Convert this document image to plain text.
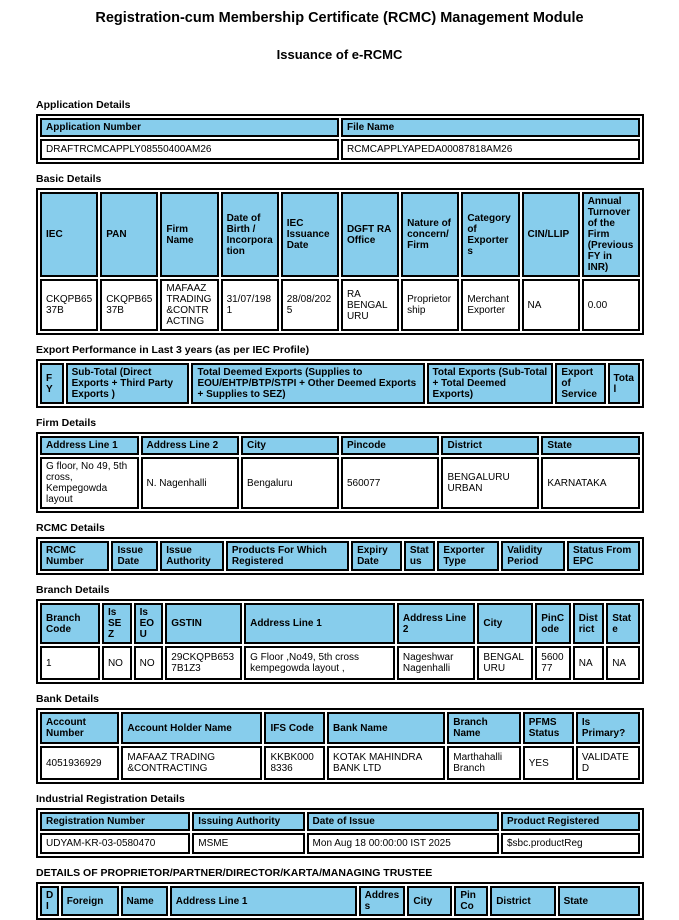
Registration-cum Membership Certificate (RCMC) Management Module
Issuance of e-RCMC
Application Details
Application Number	File Name
DRAFTRCMCAPPLY08550400AM26	RCMCAPPLYAPEDA00087818AM26
Basic Details
IEC	PAN	Firm Name	Date of Birth / Incorporation	IEC Issuance Date	DGFT RA Office	Nature of concern/Firm	Category of Exporters	CIN/LLIP	Annual Turnover of the Firm (Previous FY in INR)
CKQPB6537B	CKQPB6537B	MAFAAZ TRADING &CONTRACTING	31/07/1981	28/08/2025	RA BENGALURU	Proprietorship	Merchant Exporter	NA	0.00
Export Performance in Last 3 years (as per IEC Profile)
FY	Sub-Total (Direct Exports + Third Party Exports )	Total Deemed Exports (Supplies to EOU/EHTP/BTP/STPI + Other Deemed Exports + Supplies to SEZ)	Total Exports (Sub-Total + Total Deemed Exports)	Export of Service	Total
Firm Details
Address Line 1	Address Line 2	City	Pincode	District	State
G floor, No 49, 5th cross, Kempegowda layout	N. Nagenhalli	Bengaluru	560077	BENGALURU URBAN	KARNATAKA
RCMC Details
RCMC Number	Issue Date	Issue Authority	Products For Which Registered	Expiry Date	Status	Exporter Type	Validity Period	Status From EPC
Branch Details
Branch Code	Is SEZ	Is EOU	GSTIN	Address Line 1	Address Line 2	City	PinCode	District	State
1	NO	NO	29CKQPB6537B1Z3	G Floor ,No49, 5th cross kempegowda layout ,	Nageshwar Nagenhalli	BENGALURU	560077	NA	NA
Bank Details
Account Number	Account Holder Name	IFS Code	Bank Name	Branch Name	PFMS Status	Is Primary?
4051936929	MAFAAZ TRADING &CONTRACTING	KKBK0008336	KOTAK MAHINDRA BANK LTD	Marthahalli Branch	YES	VALIDATED
Industrial Registration Details
Registration Number	Issuing Authority	Date of Issue	Product Registered
UDYAM-KR-03-0580470	MSME	Mon Aug 18 00:00:00 IST 2025	$sbc.productReg
DETAILS OF PROPRIETOR/PARTNER/DIRECTOR/KARTA/MANAGING TRUSTEE
DI	Foreign	Name	Address Line 1	Address	City	PinCo	District	State
